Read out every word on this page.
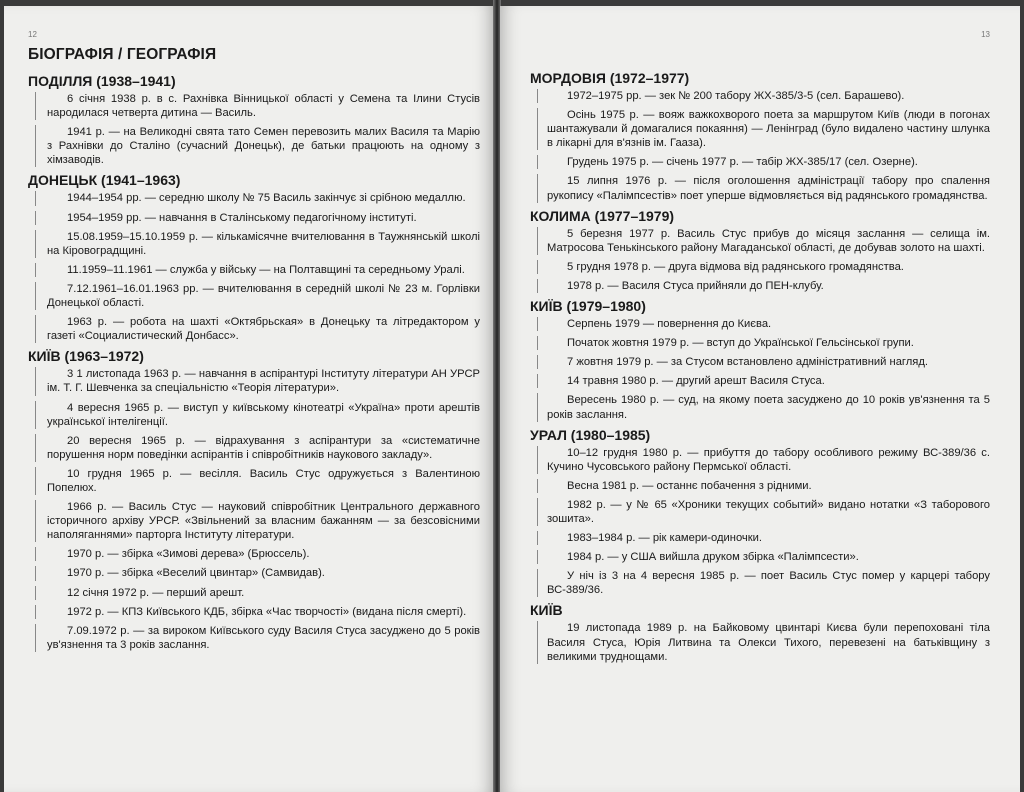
12
БІОГРАФІЯ / ГЕОГРАФІЯ
ПОДІЛЛЯ (1938–1941)
6 січня 1938 р. в с. Рахнівка Вінницької області у Семена та Ілини Стусів народилася четверта дитина — Василь.
1941 р. — на Великодні свята тато Семен перевозить малих Василя та Марію з Рахнівки до Сталіно (сучасний Донецьк), де батьки працюють на одному з хімзаводів.
ДОНЕЦЬК (1941–1963)
1944–1954 рр. — середню школу № 75 Василь закінчує зі срібною медаллю.
1954–1959 рр. — навчання в Сталінському педагогічному інституті.
15.08.1959–15.10.1959 р. — кількамісячне вчителювання в Таужнянській школі на Кіровоградщині.
11.1959–11.1961 — служба у війську — на Полтавщині та середньому Уралі.
7.12.1961–16.01.1963 рр. — вчителювання в середній школі № 23 м. Горлівки Донецької області.
1963 р. — робота на шахті «Октябрьская» в Донецьку та літредактором у газеті «Социалистический Донбасс».
КИЇВ (1963–1972)
3 1 листопада 1963 р. — навчання в аспірантурі Інституту літератури АН УРСР ім. Т. Г. Шевченка за спеціальністю «Теорія літератури».
4 вересня 1965 р. — виступ у київському кінотеатрі «Україна» проти арештів української інтелігенції.
20 вересня 1965 р. — відрахування з аспірантури за «систематичне порушення норм поведінки аспірантів і співробітників наукового закладу».
10 грудня 1965 р. — весілля. Василь Стус одружується з Валентиною Попелюх.
1966 р. — Василь Стус — науковий співробітник Центрального державного історичного архіву УРСР. «Звільнений за власним бажанням — за безсовісними наполяганнями» парторга Інституту літератури.
1970 р. — збірка «Зимові дерева» (Брюссель).
1970 р. — збірка «Веселий цвинтар» (Самвидав).
12 січня 1972 р. — перший арешт.
1972 р. — КПЗ Київського КДБ, збірка «Час творчості» (видана після смерті).
7.09.1972 р. — за вироком Київського суду Василя Стуса засуджено до 5 років ув'язнення та 3 років заслання.
13
МОРДОВІЯ (1972–1977)
1972–1975 рр. — зек № 200 табору ЖХ-385/3-5 (сел. Барашево).
Осінь 1975 р. — вояж важкохворого поета за маршрутом Київ (люди в погонах шантажували й домагалися покаяння) — Ленінград (було видалено частину шлунка в лікарні для в'язнів ім. Гааза).
Грудень 1975 р. — січень 1977 р. — табір ЖХ-385/17 (сел. Озерне).
15 липня 1976 р. — після оголошення адміністрації табору про спалення рукопису «Палімпсестів» поет уперше відмовляється від радянського громадянства.
КОЛИМА (1977–1979)
5 березня 1977 р. Василь Стус прибув до місяця заслання — селища ім. Матросова Тенькінського району Магаданської області, де добував золото на шахті.
5 грудня 1978 р. — друга відмова від радянського громадянства.
1978 р. — Василя Стуса прийняли до ПЕН-клубу.
КИЇВ (1979–1980)
Серпень 1979 — повернення до Києва.
Початок жовтня 1979 р. — вступ до Української Гельсінської групи.
7 жовтня 1979 р. — за Стусом встановлено адміністративний нагляд.
14 травня 1980 р. — другий арешт Василя Стуса.
Вересень 1980 р. — суд, на якому поета засуджено до 10 років ув'язнення та 5 років заслання.
УРАЛ (1980–1985)
10–12 грудня 1980 р. — прибуття до табору особливого режиму ВС-389/36 с. Кучино Чусовського району Пермської області.
Весна 1981 р. — останнє побачення з рідними.
1982 р. — у № 65 «Хроники текущих событий» видано нотатки «З таборового зошита».
1983–1984 р. — рік камери-одиночки.
1984 р. — у США вийшла друком збірка «Палімпсести».
У ніч із 3 на 4 вересня 1985 р. — поет Василь Стус помер у карцері табору ВС-389/36.
КИЇВ
19 листопада 1989 р. на Байковому цвинтарі Києва були перепоховані тіла Василя Стуса, Юрія Литвина та Олекси Тихого, перевезені на батьківщину з великими труднощами.
